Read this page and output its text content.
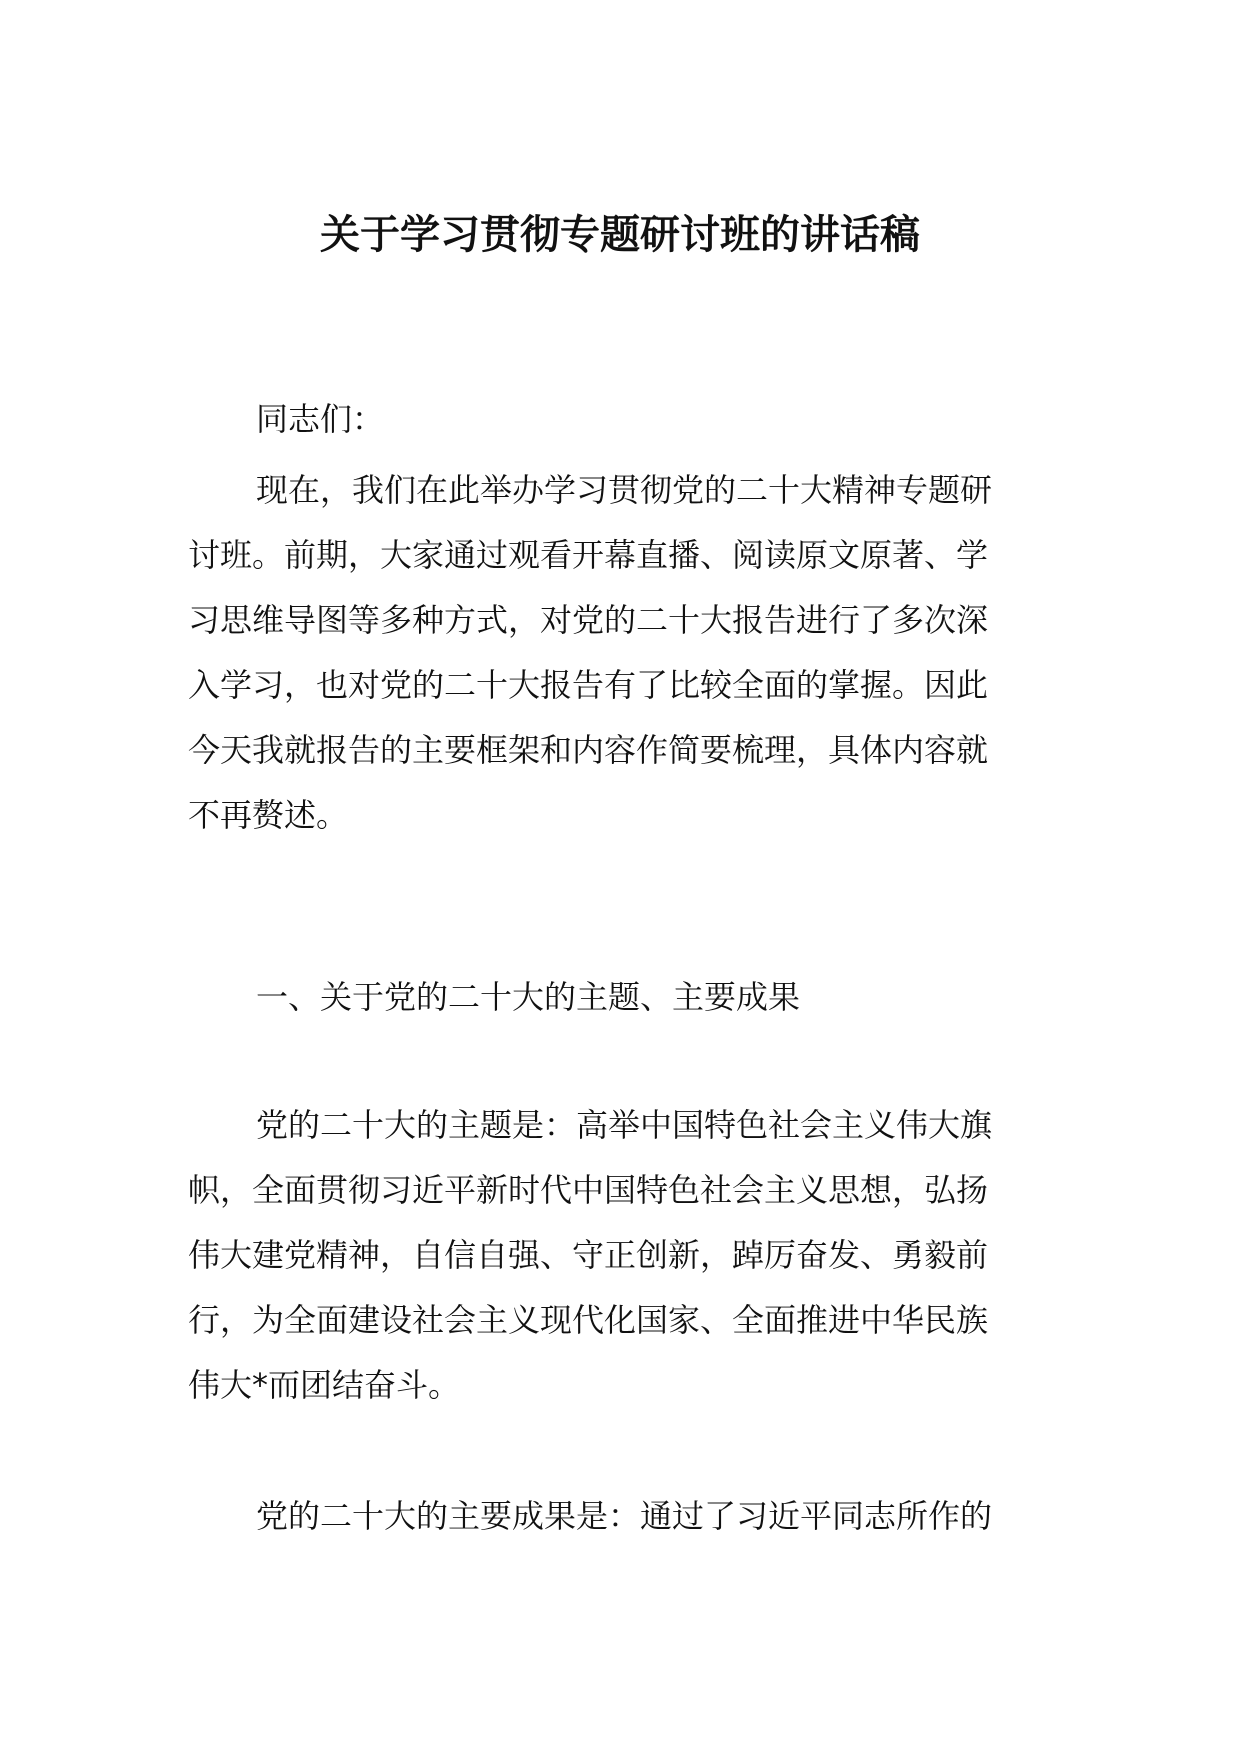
关于学习贯彻专题研讨班的讲话稿
同志们：
现在，我们在此举办学习贯彻党的二十大精神专题研
讨班。前期，大家通过观看开幕直播、阅读原文原著、学
习思维导图等多种方式，对党的二十大报告进行了多次深
入学习，也对党的二十大报告有了比较全面的掌握。因此
今天我就报告的主要框架和内容作简要梳理，具体内容就
不再赘述。
一、关于党的二十大的主题、主要成果
党的二十大的主题是：高举中国特色社会主义伟大旗
帜，全面贯彻习近平新时代中国特色社会主义思想，弘扬
伟大建党精神，自信自强、守正创新，踔厉奋发、勇毅前
行，为全面建设社会主义现代化国家、全面推进中华民族
伟大*而团结奋斗。
党的二十大的主要成果是：通过了习近平同志所作的
